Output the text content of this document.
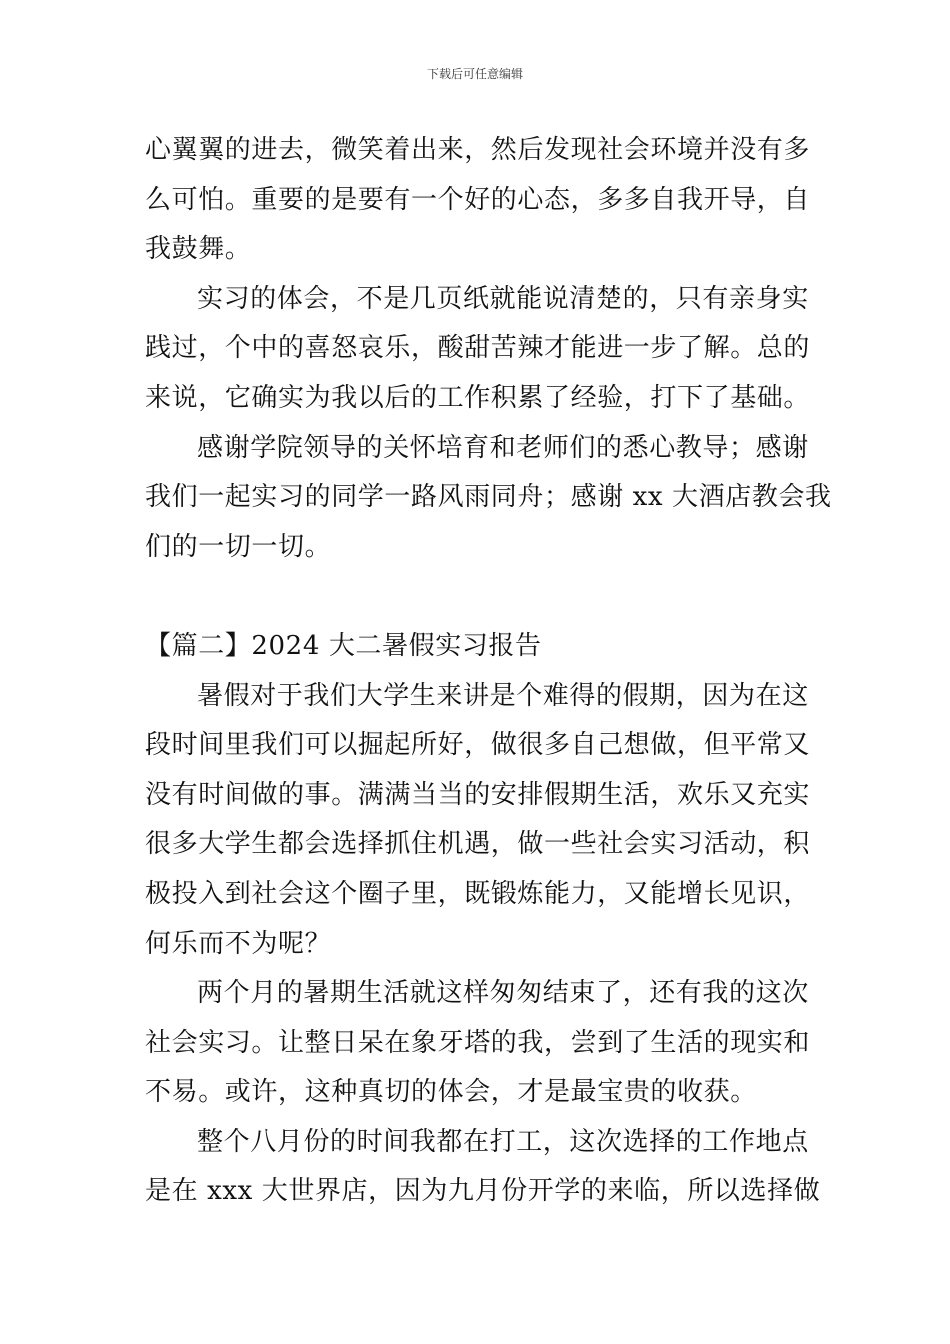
下载后可任意编辑
心翼翼的进去，微笑着出来，然后发现社会环境并没有多
么可怕。重要的是要有一个好的心态，多多自我开导，自
我鼓舞。
实习的体会，不是几页纸就能说清楚的，只有亲身实
践过，个中的喜怒哀乐，酸甜苦辣才能进一步了解。总的
来说，它确实为我以后的工作积累了经验，打下了基础。
感谢学院领导的关怀培育和老师们的悉心教导；感谢
我们一起实习的同学一路风雨同舟；感谢 xx 大酒店教会我
们的一切一切。
【篇二】2024 大二暑假实习报告
暑假对于我们大学生来讲是个难得的假期，因为在这
段时间里我们可以掘起所好，做很多自己想做，但平常又
没有时间做的事。满满当当的安排假期生活，欢乐又充实
很多大学生都会选择抓住机遇，做一些社会实习活动，积
极投入到社会这个圈子里，既锻炼能力，又能增长见识，
何乐而不为呢？
两个月的暑期生活就这样匆匆结束了，还有我的这次
社会实习。让整日呆在象牙塔的我，尝到了生活的现实和
不易。或许，这种真切的体会，才是最宝贵的收获。
整个八月份的时间我都在打工，这次选择的工作地点
是在 xxx 大世界店，因为九月份开学的来临，所以选择做
